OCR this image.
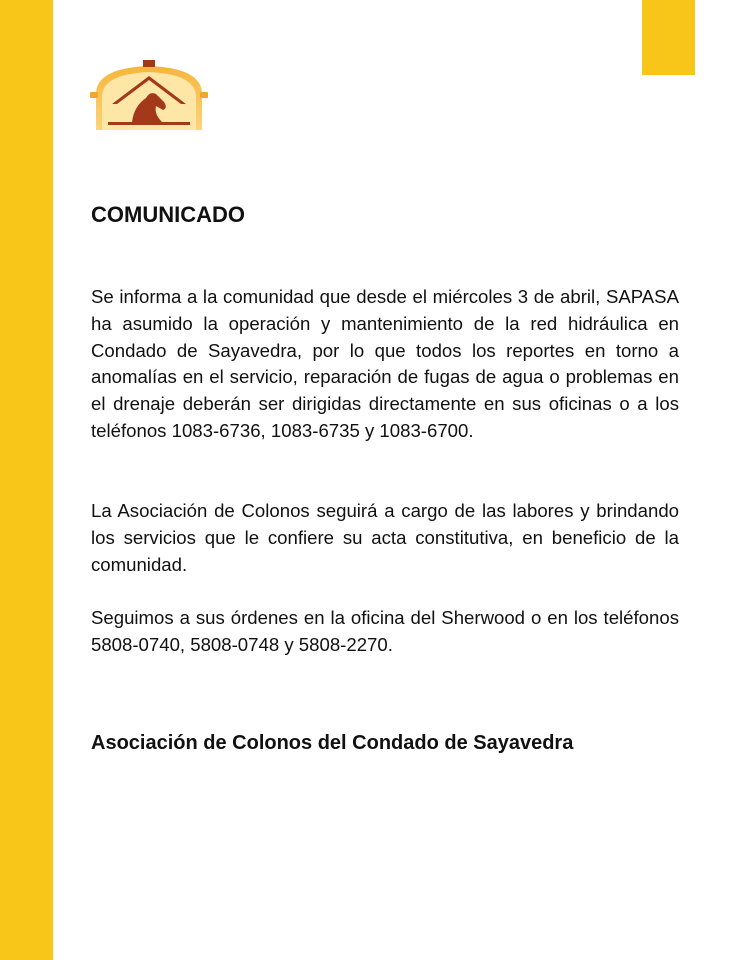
COMUNICADO

Se informa a la comunidad que desde el miércoles 3 de abril, SAPASA ha asumido la operación y mantenimiento de la red hidráulica en Condado de Sayavedra, por lo que todos los reportes en torno a anomalías en el servicio, reparación de fugas de agua o problemas en el drenaje deberán ser dirigidas directamente en sus oficinas o a los teléfonos 1083-6736, 1083-6735 y 1083-6700.

La Asociación de Colonos seguirá a cargo de las labores y brindando los servicios que le confiere su acta constitutiva, en beneficio de la comunidad.

Seguimos a sus órdenes en la oficina del Sherwood o en los teléfonos 5808-0740, 5808-0748 y 5808-2270.

Asociación de Colonos del Condado de Sayavedra
